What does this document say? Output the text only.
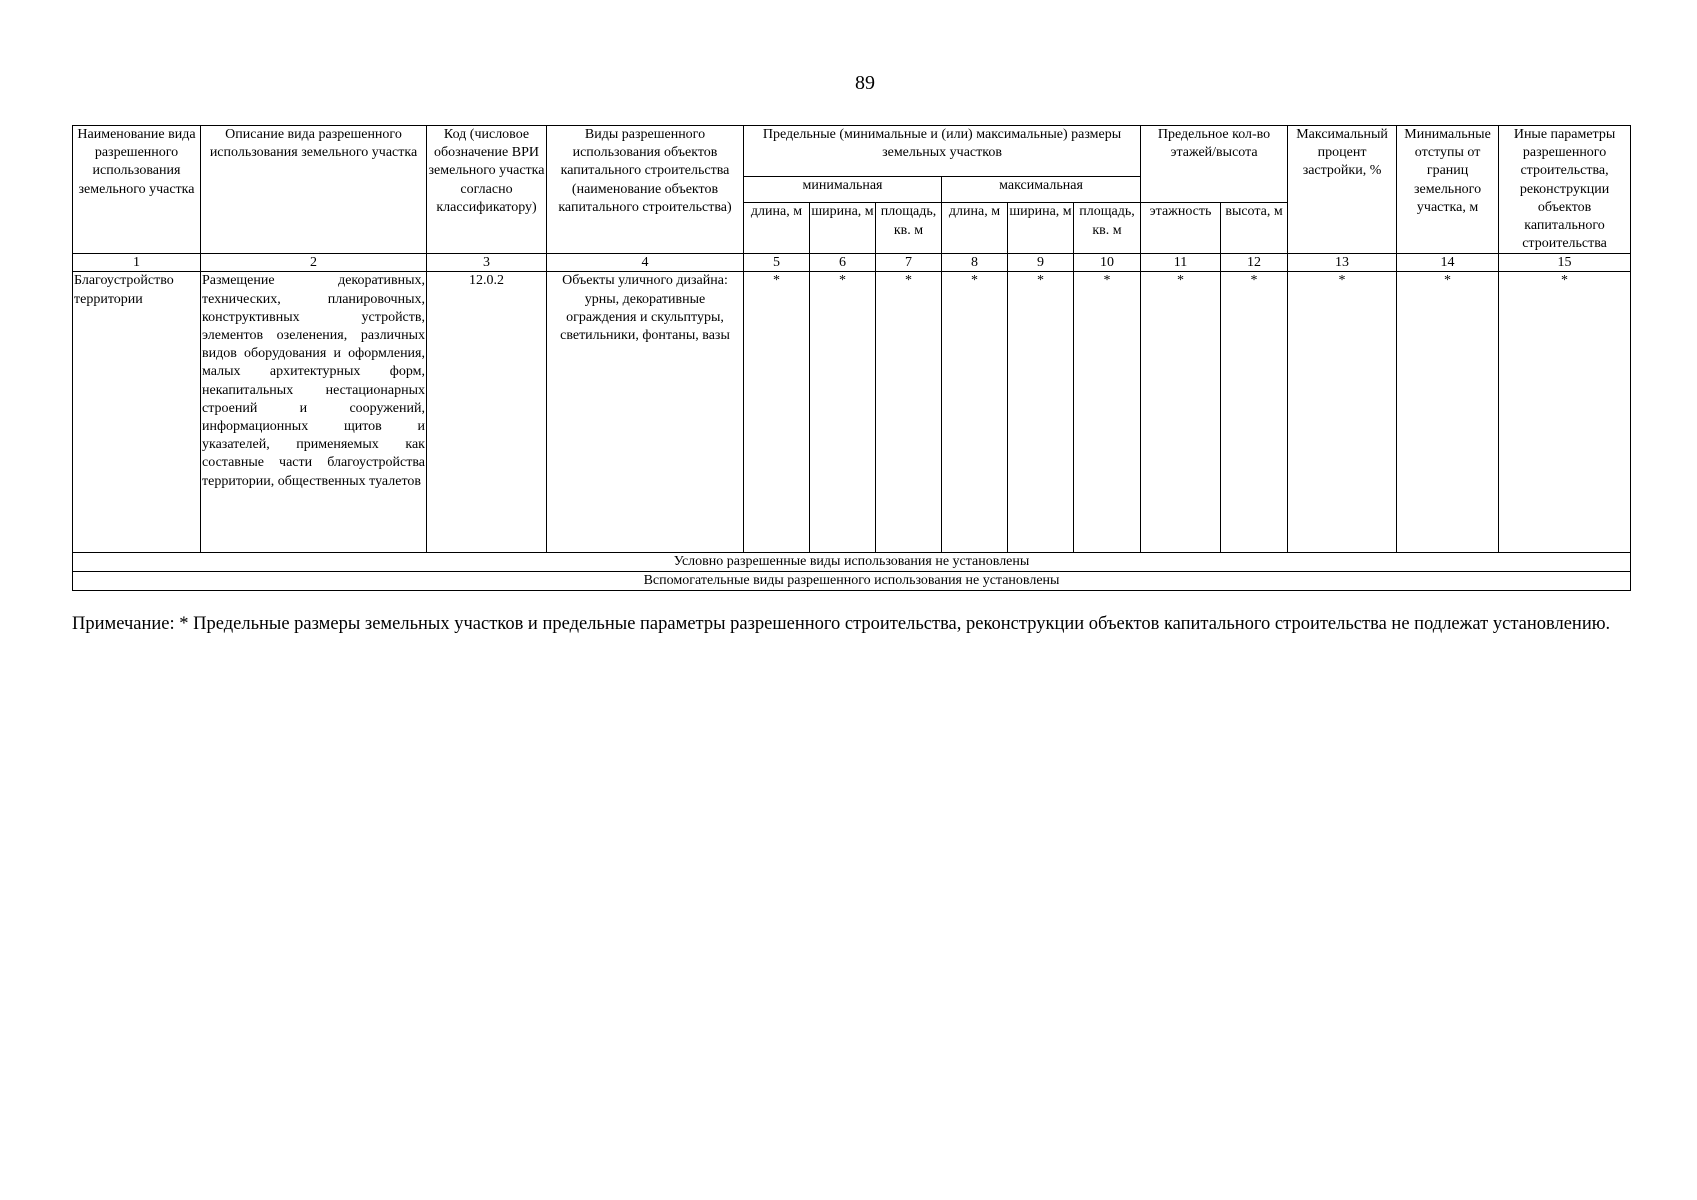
89
Наименование вида разрешенного использования земельного участка	Описание вида разрешенного использования земельного участка	Код (числовое обозначение ВРИ земельного участка согласно классификатору)	Виды разрешенного использования объектов капитального строительства (наименование объектов капитального строительства)	Предельные (минимальные и (или) максимальные) размеры земельных участков						Предельное кол-во этажей/высота		Максимальный процент застройки, %	Минимальные отступы от границ земельного участка, м	Иные параметры разрешенного строительства, реконструкции объектов капитального строительства
				минимальная			максимальная							
				длина, м	ширина, м	площадь, кв. м	длина, м	ширина, м	площадь, кв. м	этажность	высота, м			
1	2	3	4	5	6	7	8	9	10	11	12	13	14	15
Благоустройство территории	Размещение декоративных, технических, планировочных, конструктивных устройств, элементов озеленения, различных видов оборудования и оформления, малых архитектурных форм, некапитальных нестационарных строений и сооружений, информационных щитов и указателей, применяемых как составные части благоустройства территории, общественных туалетов	12.0.2	Объекты уличного дизайна: урны, декоративные ограждения и скульптуры, светильники, фонтаны, вазы	*	*	*	*	*	*	*	*	*	*	*
Условно разрешенные виды использования не установлены														
Вспомогательные виды разрешенного использования не установлены														
Примечание: * Предельные размеры земельных участков и предельные параметры разрешенного строительства, реконструкции объектов капитального строительства не подлежат установлению.
